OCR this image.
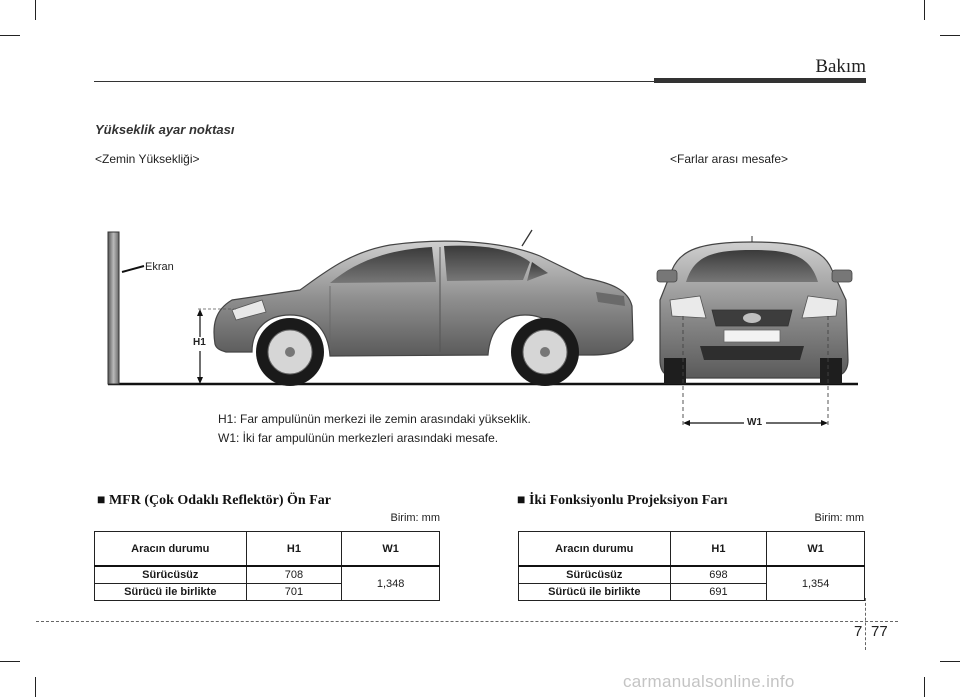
Bakım
Yükseklik ayar noktası
<Zemin Yüksekliği>	<Farlar arası mesafe>
Ekran
H1
W1
H1: Far ampulünün merkezi ile zemin arasındaki yükseklik.
W1: İki far ampulünün merkezleri arasındaki mesafe.
■ MFR (Çok Odaklı Reflektör) Ön Far
Birim: mm
Aracın durumu	H1	W1
Sürücüsüz	708	1,348
Sürücü ile birlikte	701	
■ İki Fonksiyonlu Projeksiyon Farı
Birim: mm
Aracın durumu	H1	W1
Sürücüsüz	698	1,354
Sürücü ile birlikte	691	
7 77
carmanualsonline.info
